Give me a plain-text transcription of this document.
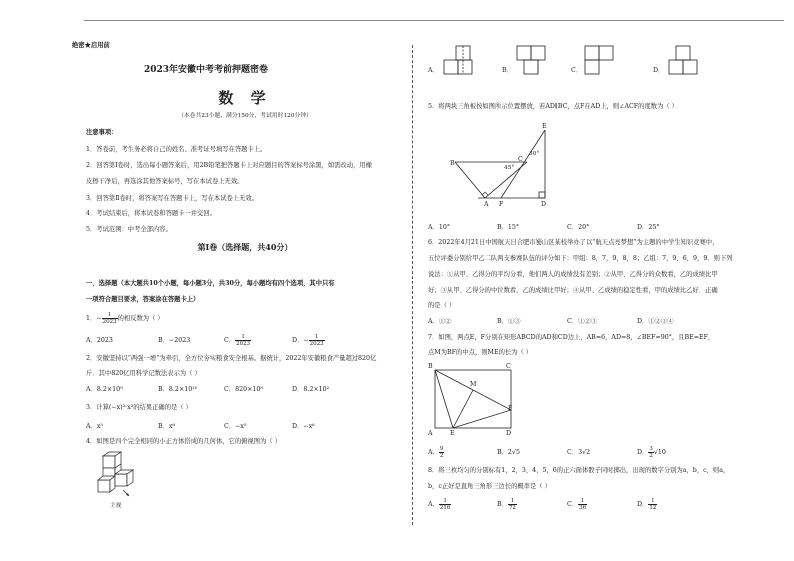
绝密★启用前
2023年安徽中考考前押题密卷
数 学
（本卷共23小题，满分150分，考试用时120分钟）
注意事项：
1．答卷前，考生务必将自己的姓名、准考证号填写在答题卡上。
2．回答第Ⅰ卷时，选出每小题答案后，用2B铅笔把答题卡上对应题目的答案标号涂黑，如需改动，用橡
皮擦干净后，再选涂其他答案标号，写在本试卷上无效。
3．回答第Ⅱ卷时，将答案写在答题卡上，写在本试卷上无效。
4．考试结束后，将本试卷和答题卡一并交回。
5．考试范围：中考全部内容。
第Ⅰ卷（选择题，共40分）
一、选择题（本大题共10个小题，每小题3分，共30分，每小题均有四个选项，其中只有
一项符合题目要求，答案涂在答题卡上）
1．− $\frac{1}{2023}$ 的相反数为（ ）
A．2023	B．−2023	C． $\frac{1}{2023}$	D．− $\frac{1}{2023}$
2．安徽坚持以“两强一增”为牵引，全方位夯实粮食安全根基。据统计，2022年安徽粮食产量超过820亿
斤．其中820亿用科学记数法表示为（ ）
A．8.2×10⁹	B．8.2×10¹⁰	C．820×10⁸	D．8.2×10²
3．计算(−x)³·x²的结果正确的是（ ）
A．x⁵	B．x⁶	C．−x⁵	D．−x⁶
4．如图是四个完全相同的小正方体搭成的几何体，它的俯视图为（ ）
主视
A．	B．	C．	D．
5．将两块三角板按如图所示位置摆放，若AD∥BC，点F在AD上，则∠ACF的度数为（ ）
E
B
C
30°
45°
A F	D
A．10°	B．15°	C．20°	D．25°
6．2022年4月21日中国航天日合肥市蜀山区某校举办了以“航天点亮梦想”为主题的中学生知识竞赛中，
五位评委分别给甲乙二队两支参赛队伍的评分如下：甲组：8，7，9，8，8；乙组：7，9，6，9，9．则下列
说法：①从甲、乙得分的平均分看，他们两人的成绩没有差别；②从甲、乙得分的众数看，乙的成绩比甲
好；③从甲、乙得分的中位数看，乙的成绩比甲好；④从甲、乙成绩的稳定性看，甲的成绩比乙好．正确
的是（ ）
A．①②	B．①③	C．①②③	D．①②③④
7．如图，两点E，F分别在矩形ABCD的AD和CD边上，AB=6，AD=8，∠BEF=90°，且BE=EF，
点M为BF的中点，则ME的长为（ ）
B	C
M
F
A	E	D
A． $\frac{9}{2}$	B．2√5	C．3√2	D． $\frac{3}{2} √10$
8．将三枚均匀的分别标有1，2，3，4，5，6的正六面体骰子同时掷出，出现的数字分别为a，b，c，则a，
b，c正好是直角三角形三边长的概率是（ ）
A． $\frac{1}{216}$	B． $\frac{1}{72}$	C． $\frac{1}{36}$	D． $\frac{1}{12}$
